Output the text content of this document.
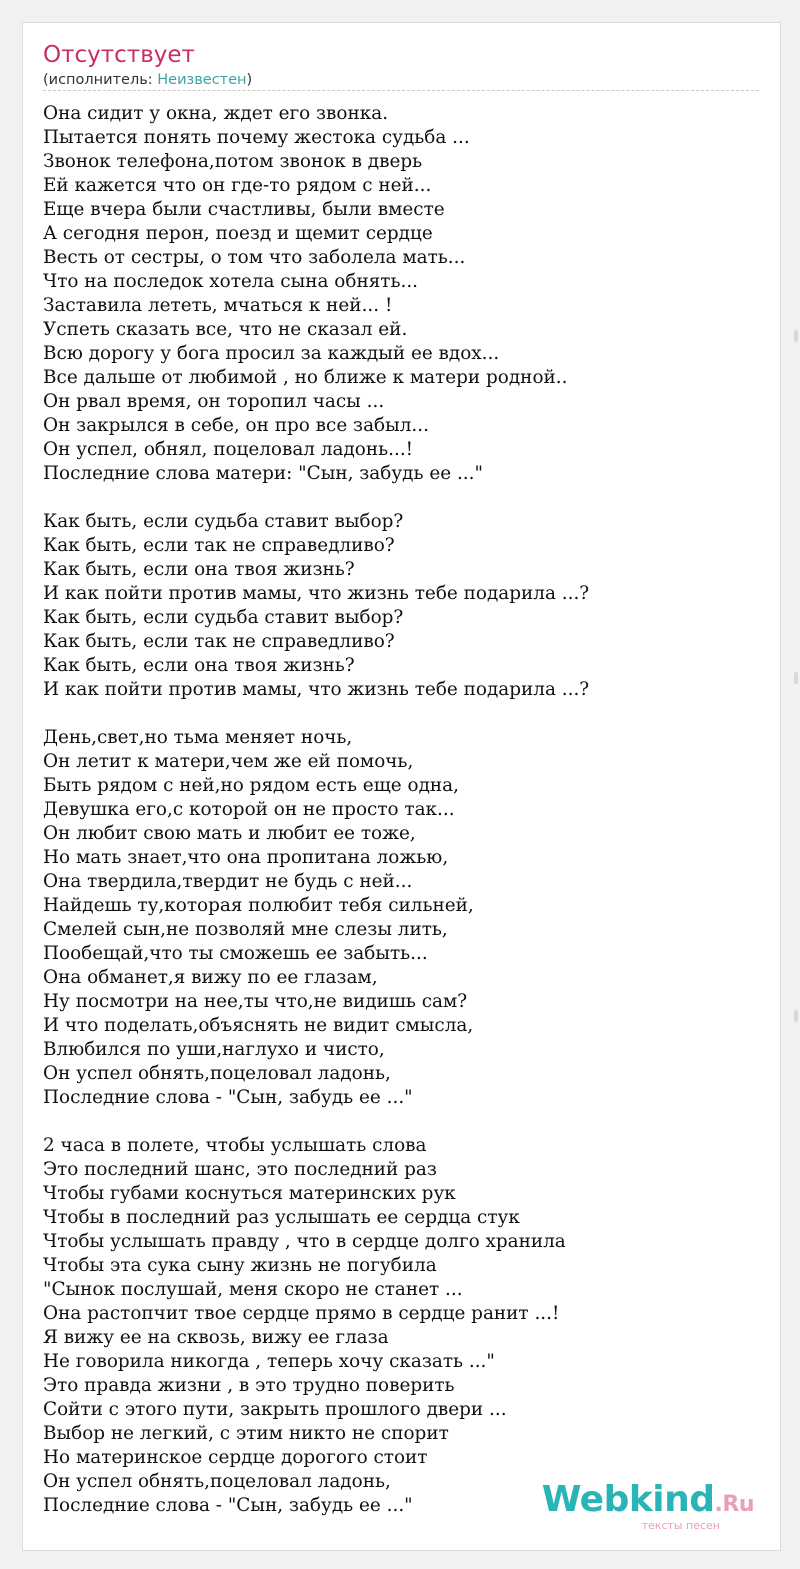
Отсутствует
(исполнитель: Неизвестен)
Она сидит у окна, ждет его звонка.
Пытается понять почему жестока судьба ...
Звонок телефона,потом звонок в дверь
Ей кажется что он где-то рядом с ней...
Еще вчера были счастливы, были вместе
А сегодня перон, поезд и щемит сердце
Весть от сестры, о том что заболела мать...
Что на последок хотела сына обнять...
Заставила лететь, мчаться к ней... !
Успеть сказать все, что не сказал ей.
Всю дорогу у бога просил за каждый ее вдох...
Все дальше от любимой , но ближе к матери родной..
Он рвал время, он торопил часы ...
Он закрылся в себе, он про все забыл...
Он успел, обнял, поцеловал ладонь...!
Последние слова матери: "Сын, забудь ее ..."
Как быть, если судьба ставит выбор?
Как быть, если так не справедливо?
Как быть, если она твоя жизнь?
И как пойти против мамы, что жизнь тебе подарила ...?
Как быть, если судьба ставит выбор?
Как быть, если так не справедливо?
Как быть, если она твоя жизнь?
И как пойти против мамы, что жизнь тебе подарила ...?
День,свет,но тьма меняет ночь,
Он летит к матери,чем же ей помочь,
Быть рядом с ней,но рядом есть еще одна,
Девушка его,с которой он не просто так...
Он любит свою мать и любит ее тоже,
Но мать знает,что она пропитана ложью,
Она твердила,твердит не будь с ней...
Найдешь ту,которая полюбит тебя сильней,
Смелей сын,не позволяй мне слезы лить,
Пообещай,что ты сможешь ее забыть...
Она обманет,я вижу по ее глазам,
Ну посмотри на нее,ты что,не видишь сам?
И что поделать,объяснять не видит смысла,
Влюбился по уши,наглухо и чисто,
Он успел обнять,поцеловал ладонь,
Последние слова - "Сын, забудь ее ..."
2 часа в полете, чтобы услышать слова
Это последний шанс, это последний раз
Чтобы губами коснуться материнских рук
Чтобы в последний раз услышать ее сердца стук
Чтобы услышать правду , что в сердце долго хранила
Чтобы эта сука сыну жизнь не погубила
"Сынок послушай, меня скоро не станет ...
Она растопчит твое сердце прямо в сердце ранит ...!
Я вижу ее на сквозь, вижу ее глаза
Не говорила никогда , теперь хочу сказать ..."
Это правда жизни , в это трудно поверить
Сойти с этого пути, закрыть прошлого двери ...
Выбор не легкий, с этим никто не спорит
Но материнское сердце дорогого стоит
Он успел обнять,поцеловал ладонь,
Последние слова - "Сын, забудь ее ..."	Webkind.Ru
тексты песен
